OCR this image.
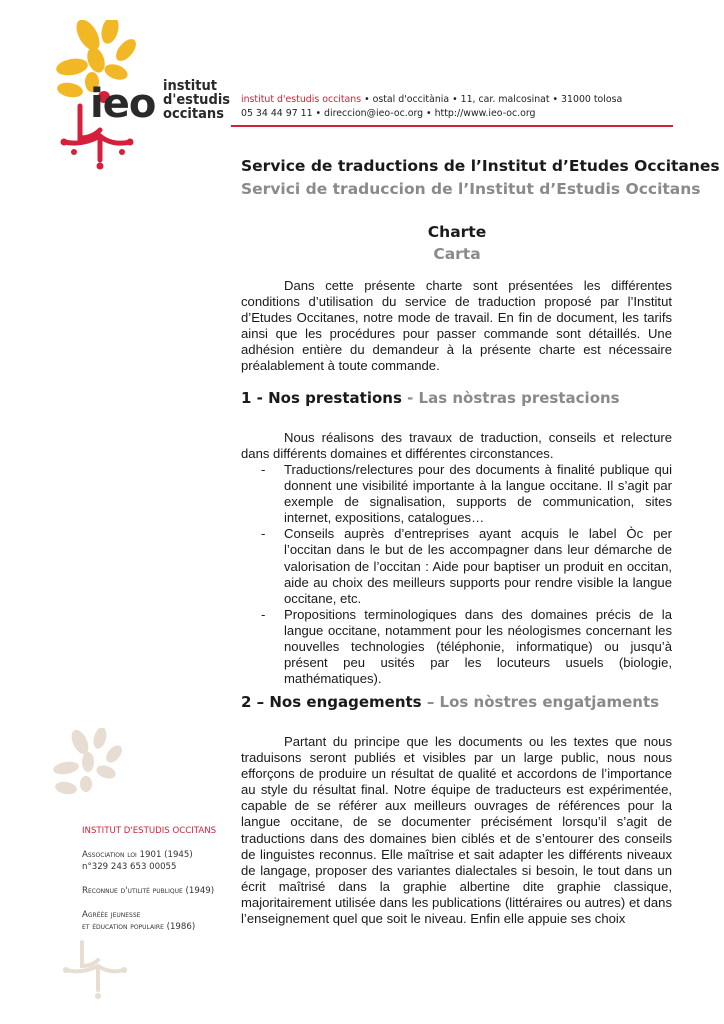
ieo institut
d'estudis
occitans
institut d'estudis occitans • ostal d'occitània • 11, car. malcosinat • 31000 tolosa
05 34 44 97 11 • direccion@ieo-oc.org • http://www.ieo-oc.org
Service de traductions de l’Institut d’Etudes Occitanes
Servici de traduccion de l’Institut d’Estudis Occitans
Charte
Carta

Dans cette présente charte sont présentées les différentes conditions d’utilisation du service de traduction proposé par l’Institut d’Etudes Occitanes, notre mode de travail. En fin de document, les tarifs ainsi que les procédures pour passer commande sont détaillés. Une adhésion entière du demandeur à la présente charte est nécessaire préalablement à toute commande.

1 - Nos prestations - Las nòstras prestacions

Nous réalisons des travaux de traduction, conseils et relecture dans différents domaines et différentes circonstances.

- Traductions/relectures pour des documents à finalité publique qui donnent une visibilité importante à la langue occitane. Il s’agit par exemple de signalisation, supports de communication, sites internet, expositions, catalogues…
- Conseils auprès d’entreprises ayant acquis le label Òc per l’occitan dans le but de les accompagner dans leur démarche de valorisation de l’occitan : Aide pour baptiser un produit en occitan, aide au choix des meilleurs supports pour rendre visible la langue occitane, etc.
- Propositions terminologiques dans des domaines précis de la langue occitane, notamment pour les néologismes concernant les nouvelles technologies (téléphonie, informatique) ou jusqu’à présent peu usités par les locuteurs usuels (biologie, mathématiques).
2 – Nos engagements – Los nòstres engatjaments

Partant du principe que les documents ou les textes que nous traduisons seront publiés et visibles par un large public, nous nous efforçons de produire un résultat de qualité et accordons de l’importance au style du résultat final. Notre équipe de traducteurs est expérimentée, capable de se référer aux meilleurs ouvrages de références pour la langue occitane, de se documenter précisément lorsqu’il s’agit de traductions dans des domaines bien ciblés et de s’entourer des conseils de linguistes reconnus. Elle maîtrise et sait adapter les différents niveaux de langage, proposer des variantes dialectales si besoin, le tout dans un écrit maîtrisé dans la graphie albertine dite graphie classique, majoritairement utilisée dans les publications (littéraires ou autres) et dans l’enseignement quel que soit le niveau. Enfin elle appuie ses choix

INSTITUT D'ESTUDIS OCCITANS
Association loi 1901 (1945)
n°329 243 653 00055
Reconnue d'utilité publique (1949)
Agréée jeunesse
et éducation populaire (1986)
